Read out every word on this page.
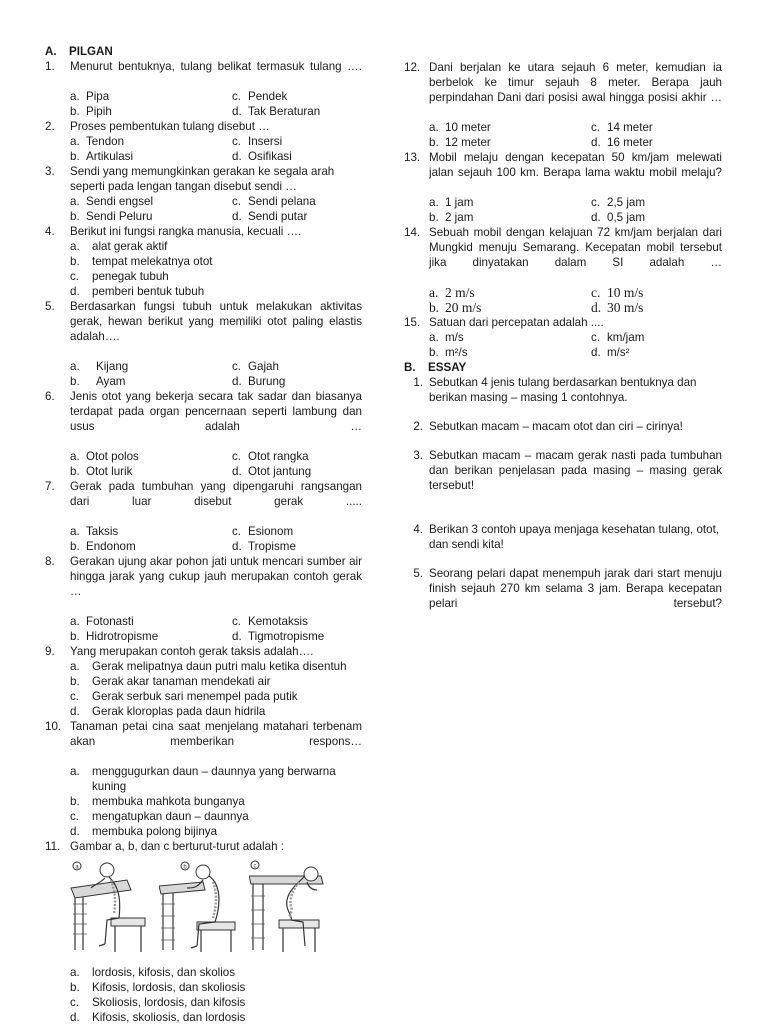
A.	PILGAN
1.	Menurut bentuknya, tulang belikat termasuk tulang ….
a. Pipa	c. Pendek
b. Pipih	d. Tak Beraturan
2.	Proses pembentukan tulang disebut …
a. Tendon	c. Insersi
b. Artikulasi	d. Osifikasi
3.	Sendi yang memungkinkan gerakan ke segala arah seperti pada lengan tangan disebut sendi …
a. Sendi engsel	c. Sendi pelana
b. Sendi Peluru	d. Sendi putar
4.	Berikut ini fungsi rangka manusia, kecuali ….
a.	alat gerak aktif
b.	tempat melekatnya otot
c.	penegak tubuh
d.	pemberi bentuk tubuh
5.	Berdasarkan fungsi tubuh untuk melakukan aktivitas gerak, hewan berikut yang memiliki otot paling elastis adalah….
a.	Kijang	c. Gajah
b.	Ayam	d. Burung
6.	Jenis otot yang bekerja secara tak sadar dan biasanya terdapat pada organ pencernaan seperti lambung dan usus adalah …
a. Otot polos	c. Otot rangka
b. Otot lurik	d. Otot jantung
7.	Gerak pada tumbuhan yang dipengaruhi rangsangan dari luar disebut gerak .....
a. Taksis	c. Esionom
b. Endonom	d. Tropisme
8.	Gerakan ujung akar pohon jati untuk mencari sumber air hingga jarak yang cukup jauh merupakan contoh gerak …
a. Fotonasti	c. Kemotaksis
b. Hidrotropisme	d. Tigmotropisme
9.	Yang merupakan contoh gerak taksis adalah….
a.	Gerak melipatnya daun putri malu ketika disentuh
b.	Gerak akar tanaman mendekati air
c.	Gerak serbuk sari menempel pada putik
d.	Gerak kloroplas pada daun hidrila
10. Tanaman petai cina saat menjelang matahari terbenam akan memberikan respons…
a.	menggugurkan daun – daunnya yang berwarna kuning
b.	membuka mahkota bunganya
c.	mengatupkan daun – daunnya
d.	membuka polong bijinya
11. Gambar a, b, dan c berturut-turut adalah :
a	b	c
a.	lordosis, kifosis, dan skolios
b.	Kifosis, lordosis, dan skoliosis
c.	Skoliosis, lordosis, dan kifosis
d.	Kifosis, skoliosis, dan lordosis
12. Dani berjalan ke utara sejauh 6 meter, kemudian ia berbelok ke timur sejauh 8 meter. Berapa jauh perpindahan Dani dari posisi awal hingga posisi akhir …
a. 10 meter	c. 14 meter
b. 12 meter	d. 16 meter
13. Mobil melaju dengan kecepatan 50 km/jam melewati jalan sejauh 100 km. Berapa lama waktu mobil melaju?
a. 1 jam	c. 2,5 jam
b. 2 jam	d. 0,5 jam
14. Sebuah mobil dengan kelajuan 72 km/jam berjalan dari Mungkid menuju Semarang. Kecepatan mobil tersebut jika dinyatakan dalam SI adalah …
a. 2 m/s	c. 10 m/s
b. 20 m/s	d. 30 m/s
15. Satuan dari percepatan adalah ....
a. m/s	c. km/jam
b. m²/s	d. m/s²
B.	ESSAY
1. Sebutkan 4 jenis tulang berdasarkan bentuknya dan berikan masing – masing 1 contohnya.
2. Sebutkan macam – macam otot dan ciri – cirinya!
3. Sebutkan macam – macam gerak nasti pada tumbuhan dan berikan penjelasan pada masing – masing gerak tersebut!
4. Berikan 3 contoh upaya menjaga kesehatan tulang, otot, dan sendi kita!
5. Seorang pelari dapat menempuh jarak dari start menuju finish sejauh 270 km selama 3 jam. Berapa kecepatan pelari tersebut?
